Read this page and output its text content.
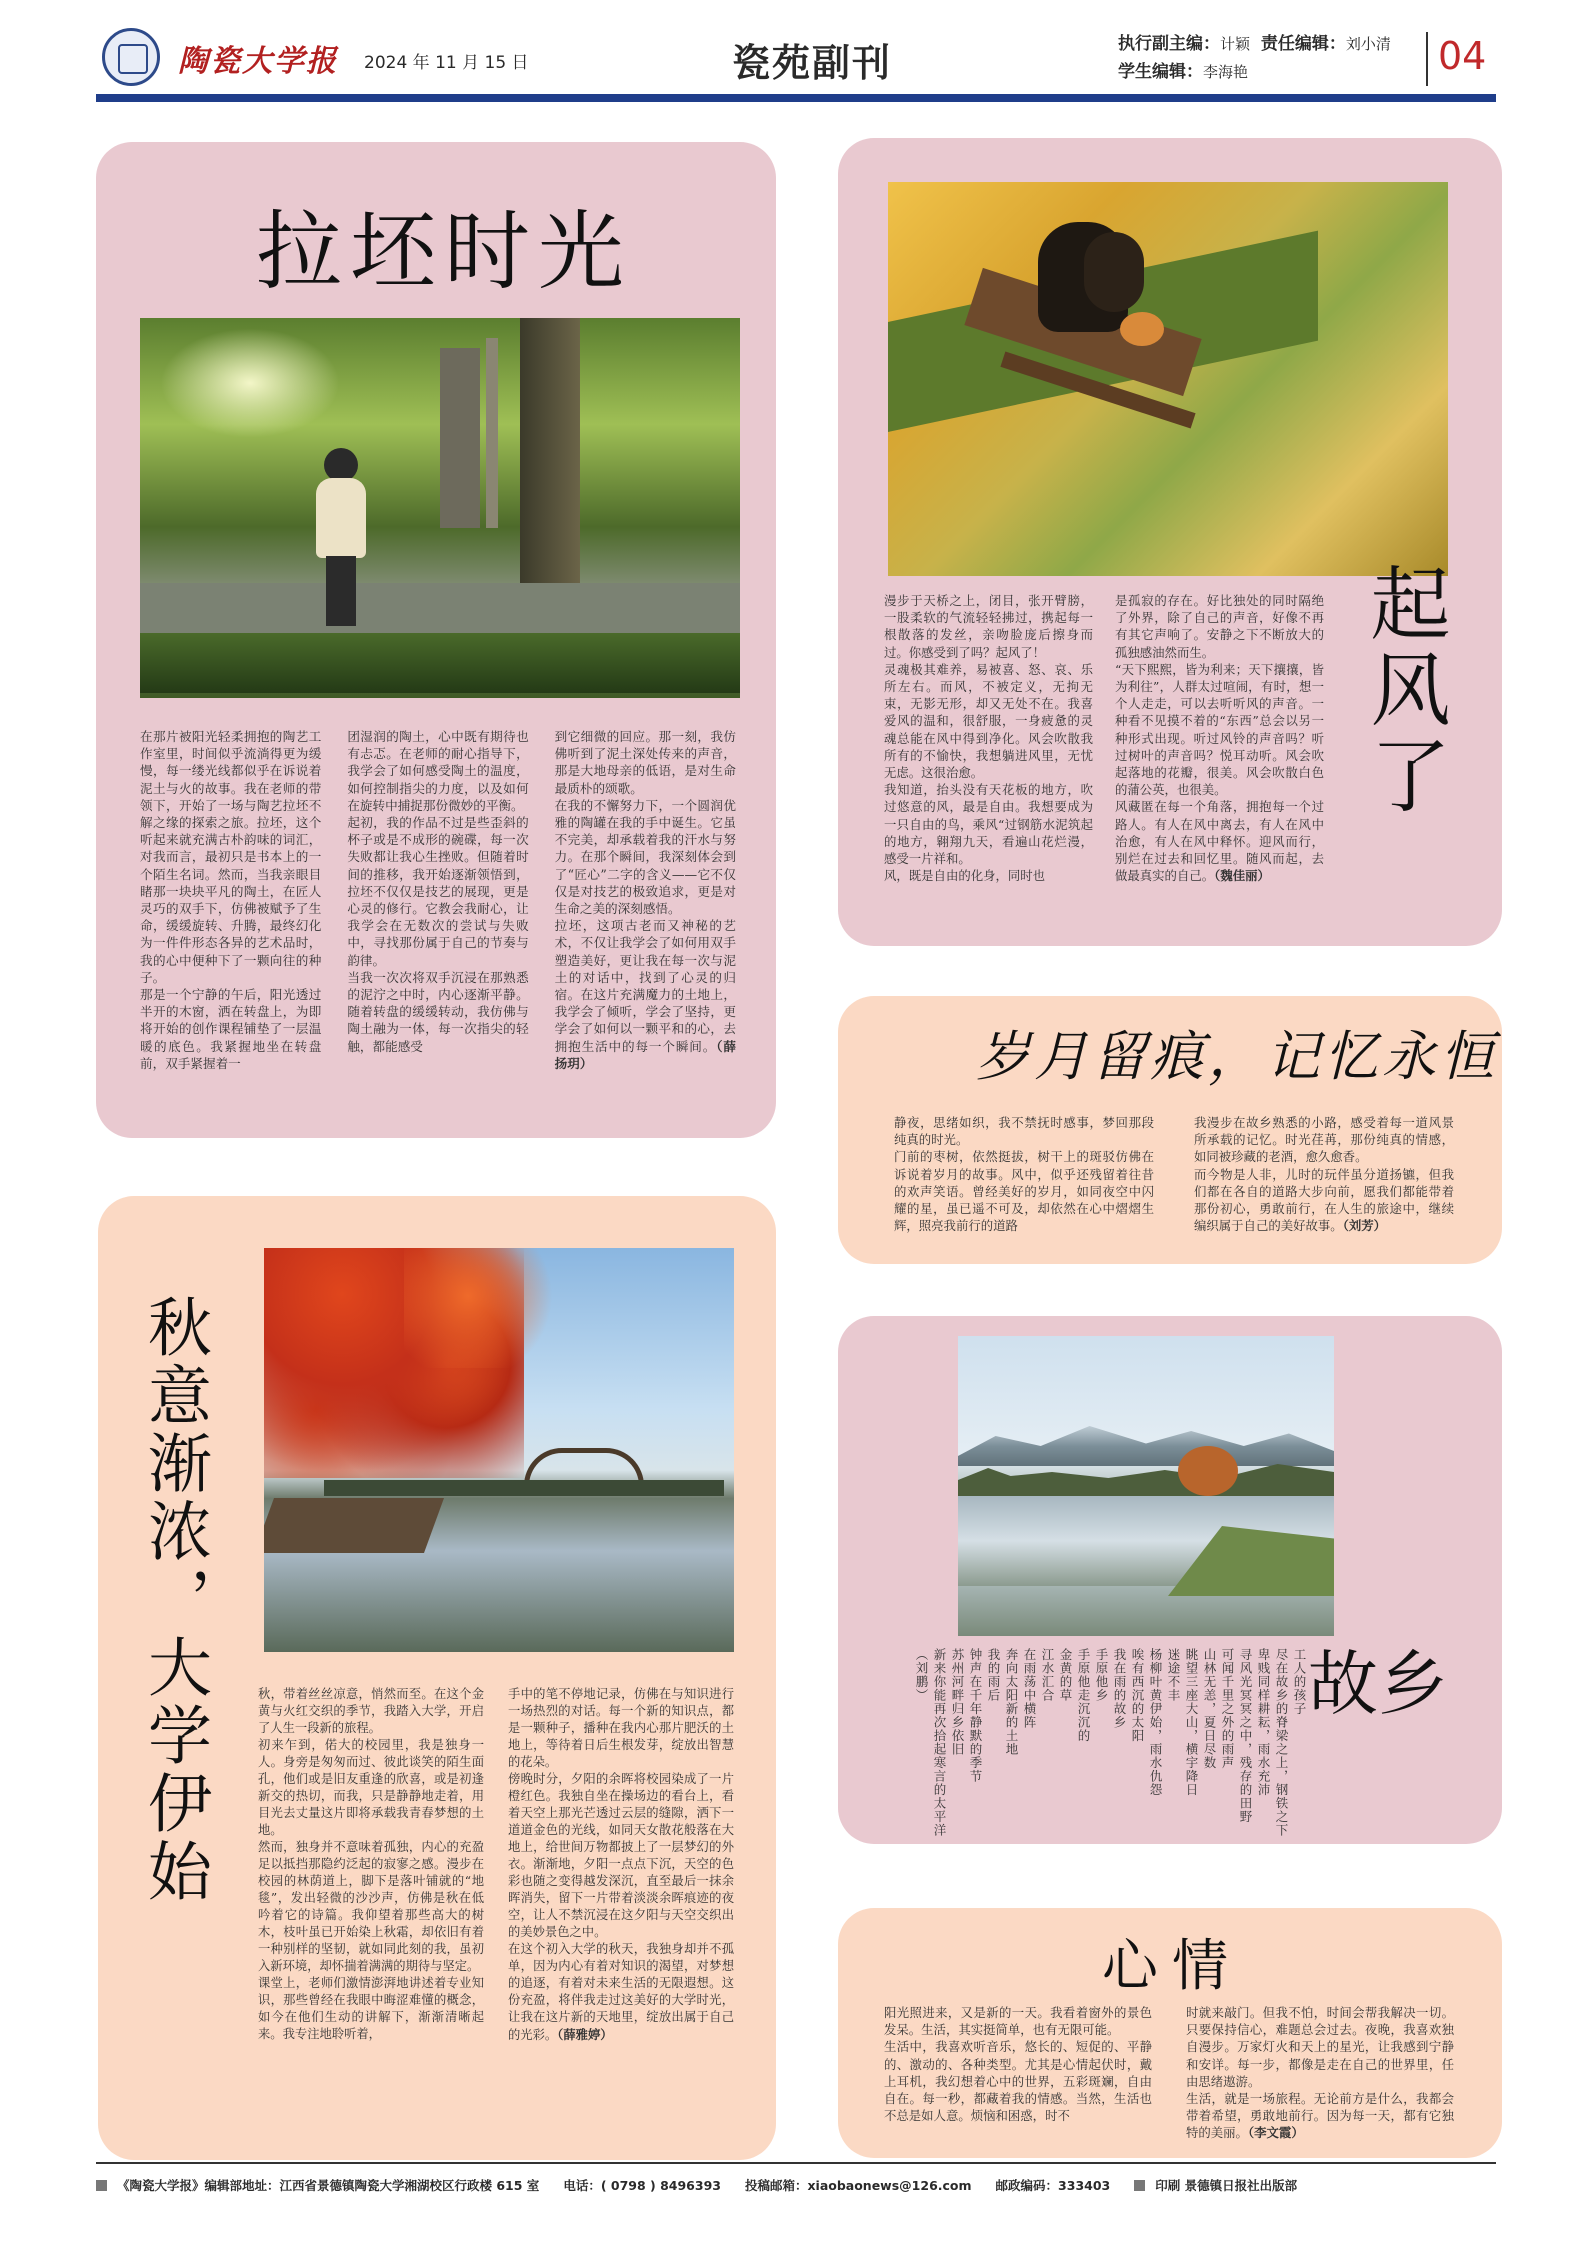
陶瓷大学报 2024 年 11 月 15 日	瓷苑副刊	执行副主编：计颖 责任编辑：刘小清
学生编辑：李海艳	04
拉坯时光

在那片被阳光轻柔拥抱的陶艺工作室里，时间似乎流淌得更为缓慢，每一缕光线都似乎在诉说着泥土与火的故事。我在老师的带领下，开始了一场与陶艺拉坯不解之缘的探索之旅。拉坯，这个听起来就充满古朴韵味的词汇，对我而言，最初只是书本上的一个陌生名词。然而，当我亲眼目睹那一块块平凡的陶土，在匠人灵巧的双手下，仿佛被赋予了生命，缓缓旋转、升腾，最终幻化为一件件形态各异的艺术品时，我的心中便种下了一颗向往的种子。
那是一个宁静的午后，阳光透过半开的木窗，洒在转盘上，为即将开始的创作课程铺垫了一层温暖的底色。我紧握地坐在转盘前，双手紧握着一

团湿润的陶土，心中既有期待也有忐忑。在老师的耐心指导下，我学会了如何感受陶土的温度，如何控制指尖的力度，以及如何在旋转中捕捉那份微妙的平衡。
起初，我的作品不过是些歪斜的杯子或是不成形的碗碟，每一次失败都让我心生挫败。但随着时间的推移，我开始逐渐领悟到，拉坯不仅仅是技艺的展现，更是心灵的修行。它教会我耐心，让我学会在无数次的尝试与失败中，寻找那份属于自己的节奏与韵律。
当我一次次将双手沉浸在那熟悉的泥泞之中时，内心逐渐平静。随着转盘的缓缓转动，我仿佛与陶土融为一体，每一次指尖的轻触，都能感受

到它细微的回应。那一刻，我仿佛听到了泥土深处传来的声音，那是大地母亲的低语，是对生命最质朴的颂歌。
在我的不懈努力下，一个圆润优雅的陶罐在我的手中诞生。它虽不完美，却承载着我的汗水与努力。在那个瞬间，我深刻体会到了“匠心”二字的含义——它不仅仅是对技艺的极致追求，更是对生命之美的深刻感悟。
拉坯，这项古老而又神秘的艺术，不仅让我学会了如何用双手塑造美好，更让我在每一次与泥土的对话中，找到了心灵的归宿。在这片充满魔力的土地上，我学会了倾听，学会了坚持，更学会了如何以一颗平和的心，去拥抱生活中的每一个瞬间。（薛扬玥）

漫步于天桥之上，闭目，张开臂膀，一股柔软的气流轻轻拂过，携起每一根散落的发丝，亲吻脸庞后擦身而过。你感受到了吗？起风了！
灵魂极其难养，易被喜、怒、哀、乐所左右。而风，不被定义，无拘无束，无影无形，却又无处不在。我喜爱风的温和，很舒服，一身疲惫的灵魂总能在风中得到净化。风会吹散我所有的不愉快，我想躺进风里，无忧无虑。这很治愈。
我知道，抬头没有天花板的地方，吹过悠意的风，最是自由。我想要成为一只自由的鸟，乘风“过钢筋水泥筑起的地方，翱翔九天，看遍山花烂漫，感受一片祥和。
风，既是自由的化身，同时也

是孤寂的存在。好比独处的同时隔绝了外界，除了自己的声音，好像不再有其它声响了。安静之下不断放大的孤独感油然而生。
“天下熙熙，皆为利来；天下攘攘，皆为利往”，人群太过喧闹，有时，想一个人走走，可以去听听风的声音。一种看不见摸不着的“东西”总会以另一种形式出现。听过风铃的声音吗？听过树叶的声音吗？悦耳动听。风会吹起落地的花瓣，很美。风会吹散白色的蒲公英，也很美。
风藏匿在每一个角落，拥抱每一个过路人。有人在风中离去，有人在风中治愈，有人在风中释怀。迎风而行，别烂在过去和回忆里。随风而起，去做最真实的自己。（魏佳丽）

起风了
岁月留痕，记忆永恒

静夜，思绪如织，我不禁抚时感事，梦回那段纯真的时光。
门前的枣树，依然挺拔，树干上的斑驳仿佛在诉说着岁月的故事。风中，似乎还残留着往昔的欢声笑语。曾经美好的岁月，如同夜空中闪耀的星，虽已遥不可及，却依然在心中熠熠生辉，照亮我前行的道路

我漫步在故乡熟悉的小路，感受着每一道风景所承载的记忆。时光荏苒，那份纯真的情感，如同被珍藏的老酒，愈久愈香。
而今物是人非，儿时的玩伴虽分道扬镳，但我们都在各自的道路大步向前，愿我们都能带着那份初心，勇敢前行，在人生的旅途中，继续编织属于自己的美好故事。（刘芳）

秋意渐浓，大学伊始	秋，带着丝丝凉意，悄然而至。在这个金黄与火红交织的季节，我踏入大学，开启了人生一段新的旅程。
初来乍到，偌大的校园里，我是独身一人。身旁是匆匆而过、彼此谈笑的陌生面孔，他们或是旧友重逢的欣喜，或是初逢新交的热切，而我，只是静静地走着，用目光去丈量这片即将承载我青春梦想的土地。
然而，独身并不意味着孤独，内心的充盈足以抵挡那隐约泛起的寂寥之感。漫步在校园的林荫道上，脚下是落叶铺就的“地毯”，发出轻微的沙沙声，仿佛是秋在低吟着它的诗篇。我仰望着那些高大的树木，枝叶虽已开始染上秋霜，却依旧有着一种别样的坚韧，就如同此刻的我，虽初入新环境，却怀揣着满满的期待与坚定。
课堂上，老师们激情澎湃地讲述着专业知识，那些曾经在我眼中晦涩难懂的概念，如今在他们生动的讲解下，渐渐清晰起来。我专注地聆听着，

手中的笔不停地记录，仿佛在与知识进行一场热烈的对话。每一个新的知识点，都是一颗种子，播种在我内心那片肥沃的土地上，等待着日后生根发芽，绽放出智慧的花朵。
傍晚时分，夕阳的余晖将校园染成了一片橙红色。我独自坐在操场边的看台上，看着天空上那光芒透过云层的缝隙，洒下一道道金色的光线，如同天女散花般落在大地上，给世间万物都披上了一层梦幻的外衣。渐渐地，夕阳一点点下沉，天空的色彩也随之变得越发深沉，直至最后一抹余晖消失，留下一片带着淡淡余晖痕迹的夜空，让人不禁沉浸在这夕阳与天空交织出的美妙景色之中。
在这个初入大学的秋天，我独身却并不孤单，因为内心有着对知识的渴望，对梦想的追逐，有着对未来生活的无限遐想。这份充盈，将伴我走过这美好的大学时光，让我在这片新的天地里，绽放出属于自己的光彩。（薛雅婷）

工人的孩子
尽在故乡的脊梁之上，钢铁之下
卑贱同样耕耘，雨水充沛
寻风光冥冥之中，残存的田野
可闻千里之外的雨声
山林无恙，夏日尽数
眺望三座大山，横宇降日
迷途不丰
杨柳叶黄伊始，雨水仇怨
唉有西沉的太阳
我在雨的故乡
手原他乡
手原他走沉沉的
金黄的草
江水汇合
在雨荡中横阵
奔向太阳新的土地
我的雨后
钟声在千年静默的季节
苏州河畔归乡依旧
新来你能再次拾起寒言的太平洋 （刘鹏）	故乡
心情

阳光照进来，又是新的一天。我看着窗外的景色发呆。生活，其实挺简单，也有无限可能。
生活中，我喜欢听音乐，悠长的、短促的、平静的、激动的、各种类型。尤其是心情起伏时，戴上耳机，我幻想着心中的世界，五彩斑斓，自由自在。每一秒，都藏着我的情感。当然，生活也不总是如人意。烦恼和困惑，时不

时就来敲门。但我不怕，时间会帮我解决一切。只要保持信心，难题总会过去。夜晚，我喜欢独自漫步。万家灯火和天上的星光，让我感到宁静和安详。每一步，都像是走在自己的世界里，任由思绪遨游。
生活，就是一场旅程。无论前方是什么，我都会带着希望，勇敢地前行。因为每一天，都有它独特的美丽。（李文霞）

《陶瓷大学报》编辑部地址：江西省景德镇陶瓷大学湘湖校区行政楼 615 室 电话：( 0798 ) 8496393 投稿邮箱：xiaobaonews@126.com 邮政编码：333403	印刷 景德镇日报社出版部
